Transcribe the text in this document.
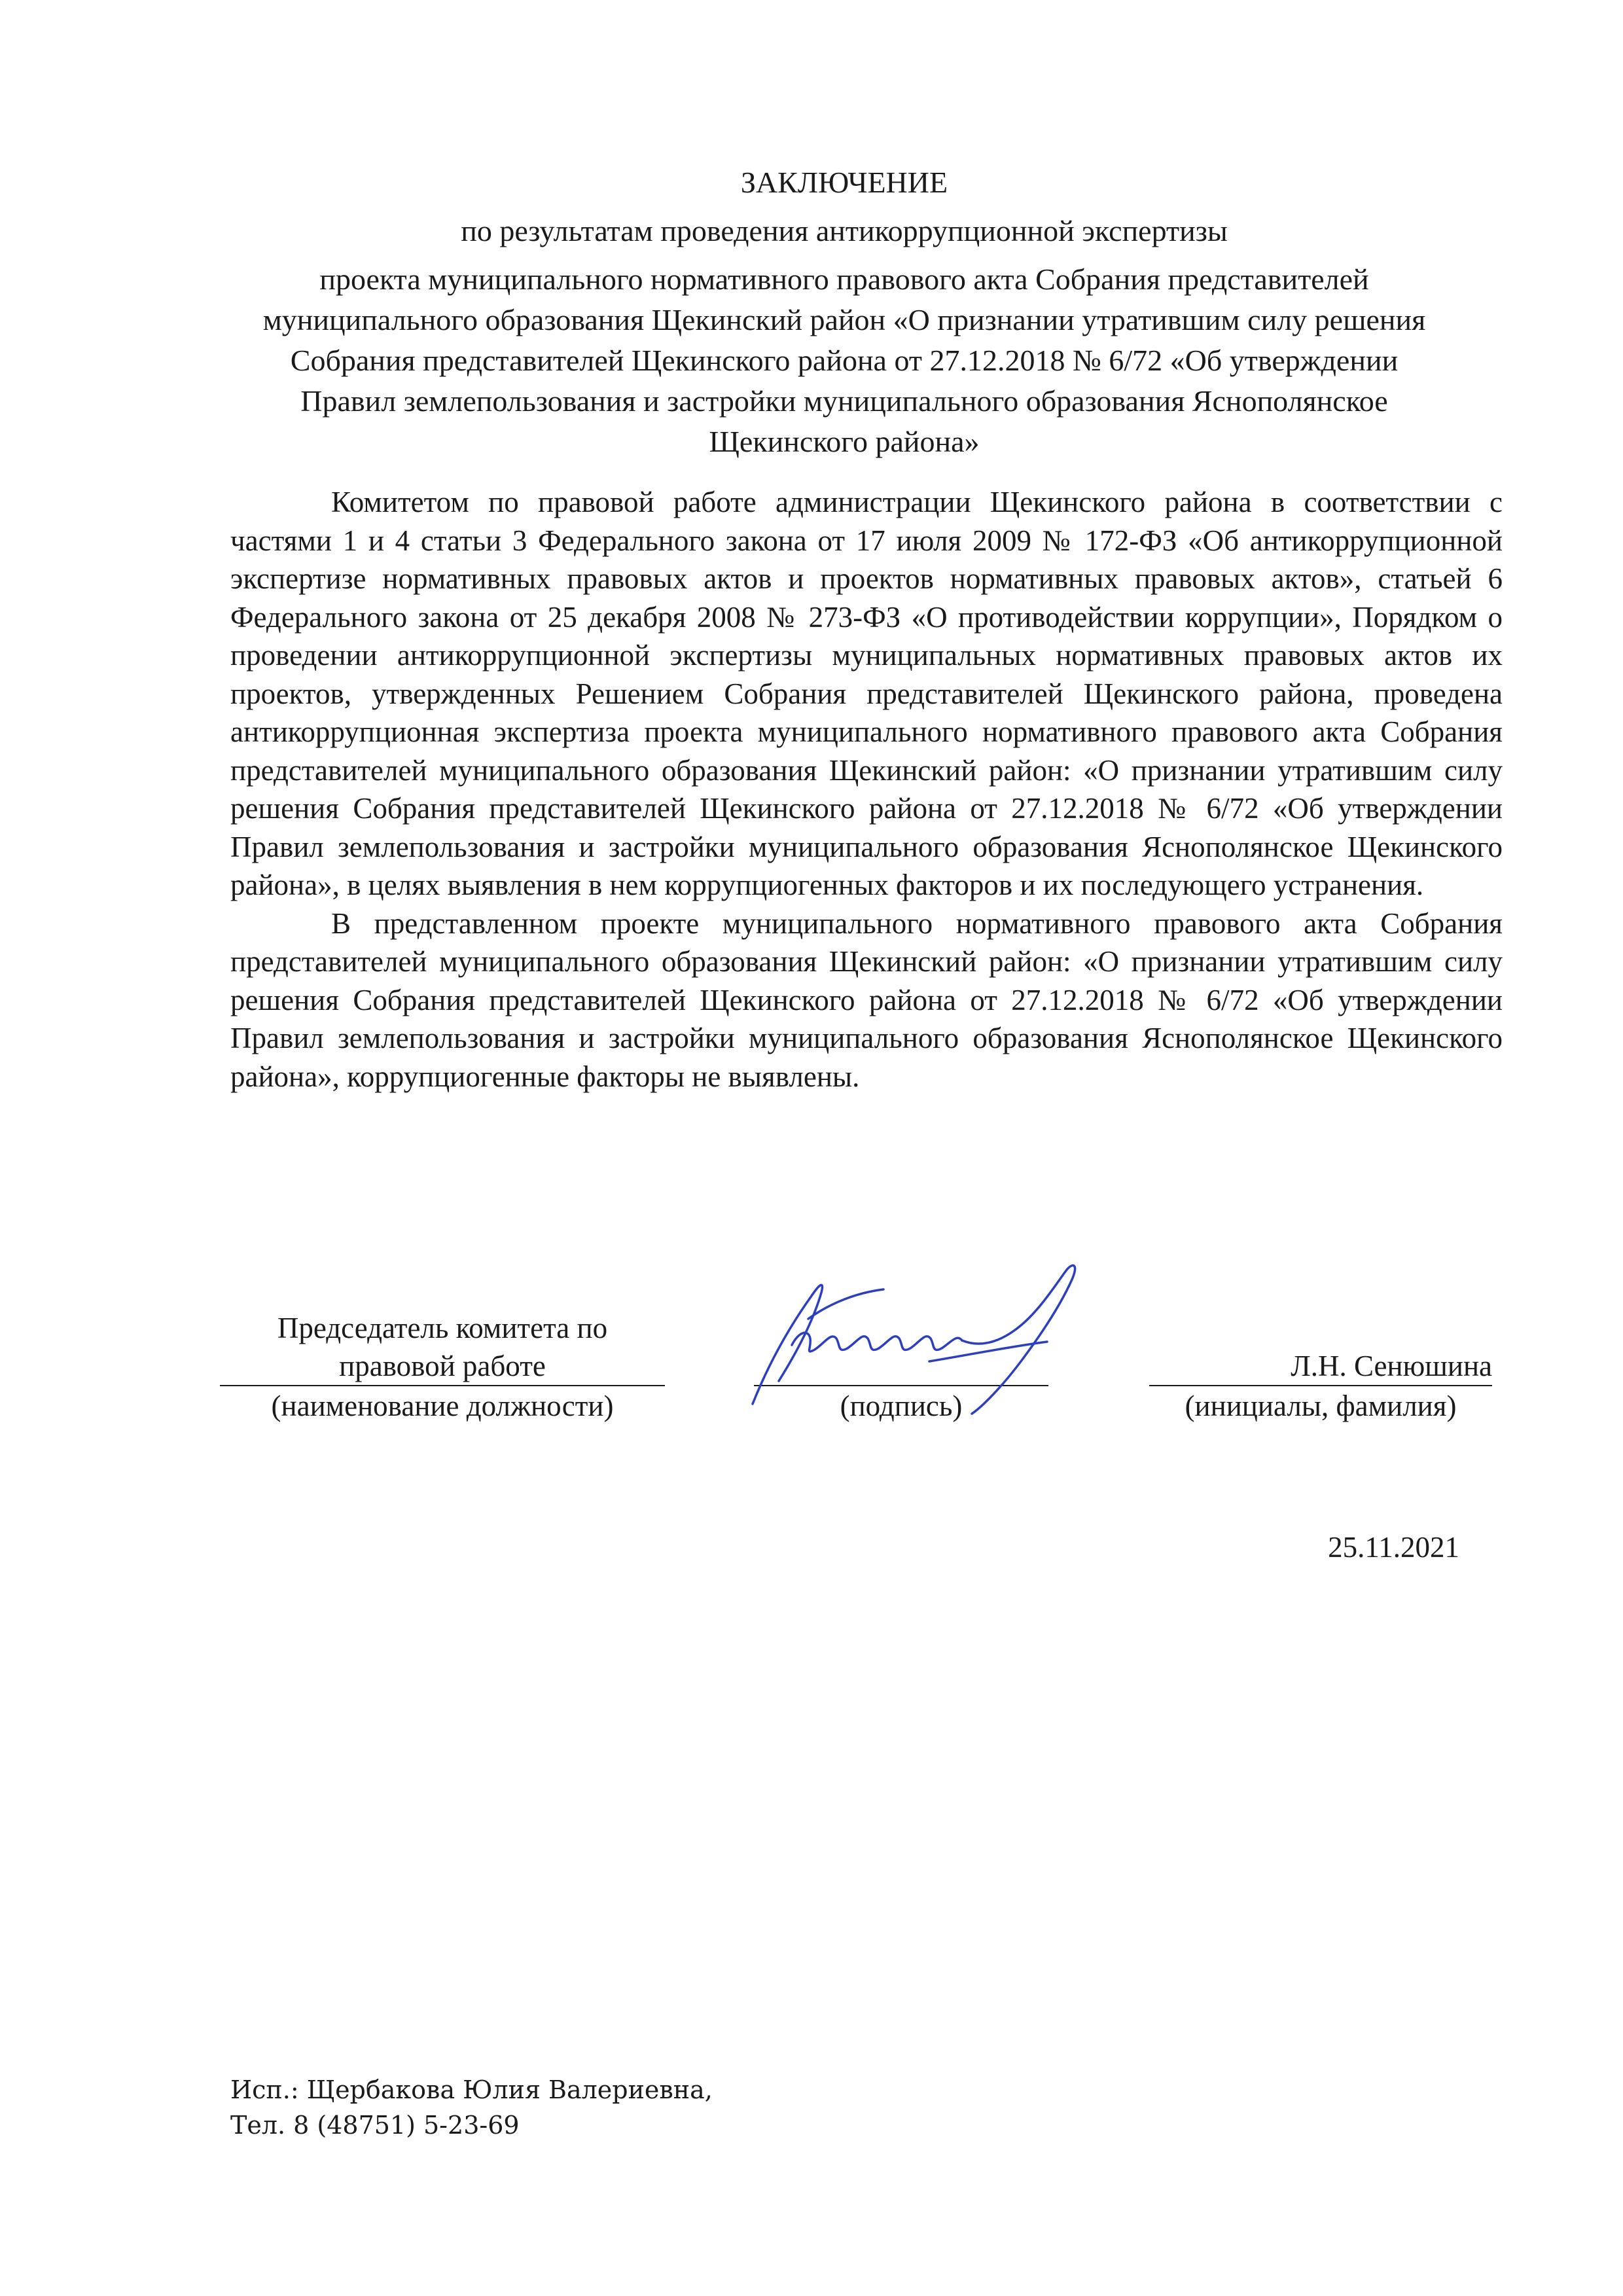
ЗАКЛЮЧЕНИЕ
по результатам проведения антикоррупционной экспертизы
проекта муниципального нормативного правового акта Собрания представителей
муниципального образования Щекинский район «О признании утратившим силу решения
Собрания представителей Щекинского района от 27.12.2018 № 6/72 «Об утверждении
Правил землепользования и застройки муниципального образования Яснополянское
Щекинского района»

Комитетом по правовой работе администрации Щекинского района в соответствии с частями 1 и 4 статьи 3 Федерального закона от 17 июля 2009 № 172-ФЗ «Об антикоррупционной экспертизе нормативных правовых актов и проектов нормативных правовых актов», статьей 6 Федерального закона от 25 декабря 2008 № 273-ФЗ «О противодействии коррупции», Порядком о проведении антикоррупционной экспертизы муниципальных нормативных правовых актов их проектов, утвержденных Решением Собрания представителей Щекинского района, проведена антикоррупционная экспертиза проекта муниципального нормативного правового акта Собрания представителей муниципального образования Щекинский район: «О признании утратившим силу решения Собрания представителей Щекинского района от 27.12.2018 № 6/72 «Об утверждении Правил землепользования и застройки муниципального образования Яснополянское Щекинского района», в целях выявления в нем коррупциогенных факторов и их последующего устранения.

В представленном проекте муниципального нормативного правового акта Собрания представителей муниципального образования Щекинский район: «О признании утратившим силу решения Собрания представителей Щекинского района от 27.12.2018 № 6/72 «Об утверждении Правил землепользования и застройки муниципального образования Яснополянское Щекинского района», коррупциогенные факторы не выявлены.

Председатель комитета по
правовой работе
(наименование должности)	(подпись)
Л.Н. Сенюшина
(инициалы, фамилия)
25.11.2021
Исп.: Щербакова Юлия Валериевна,
Тел. 8 (48751) 5-23-69
